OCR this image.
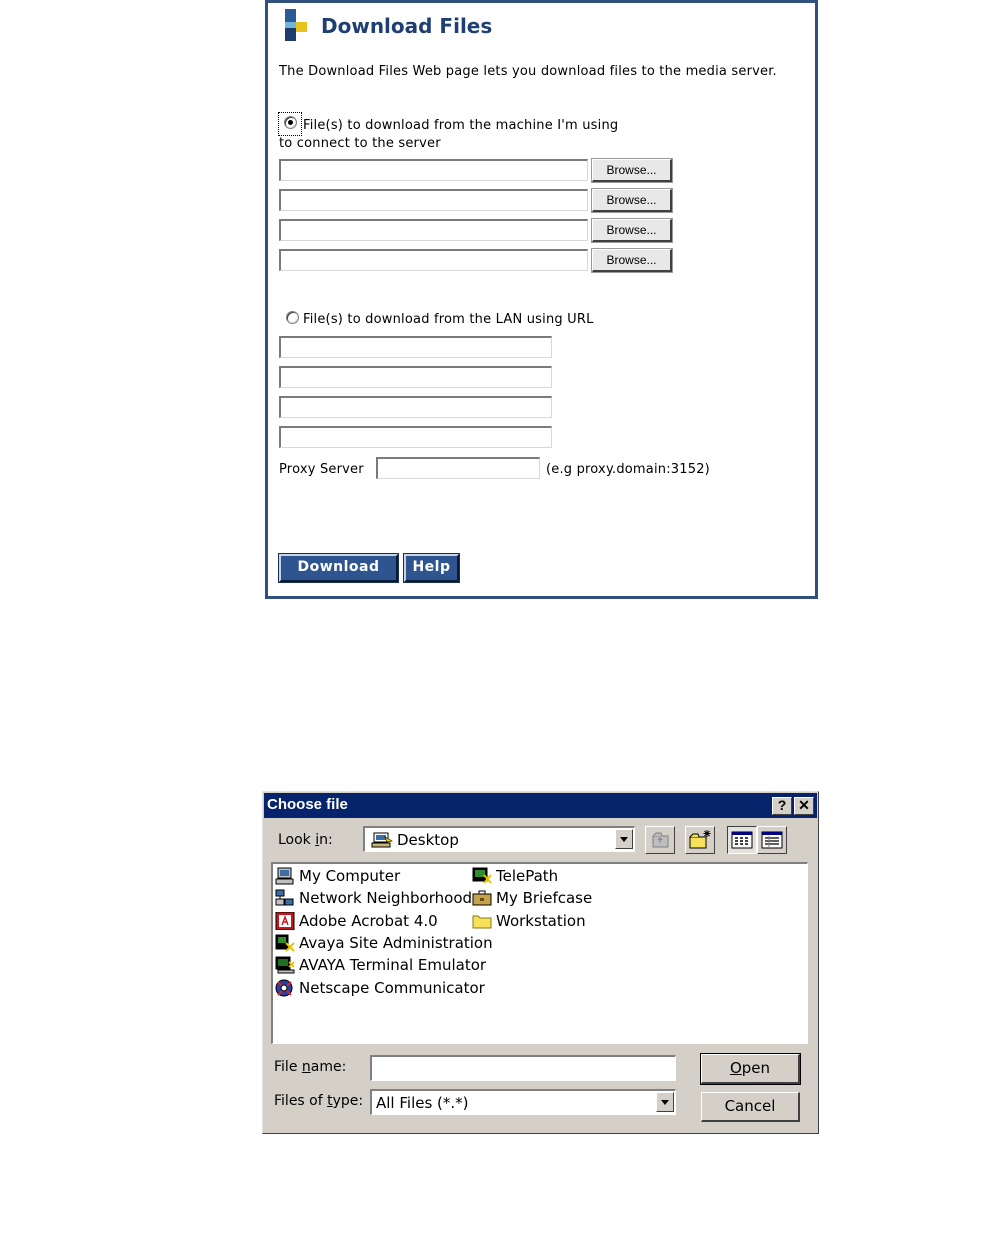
Download Files
The Download Files Web page lets you download files to the media server.
File(s) to download from the machine I'm using
to connect to the server
Browse...
Browse...
Browse...
Browse...
File(s) to download from the LAN using URL
Proxy Server	(e.g proxy.domain:3152)
Download	Help
Choose file	? ✕
Look in:	Desktop
My Computer
Network Neighborhood
Adobe Acrobat 4.0
Avaya Site Administration
AVAYA Terminal Emulator
Netscape Communicator
TelePath
My Briefcase
Workstation
File name:
Files of type: All Files (*.*)
Open
Cancel
